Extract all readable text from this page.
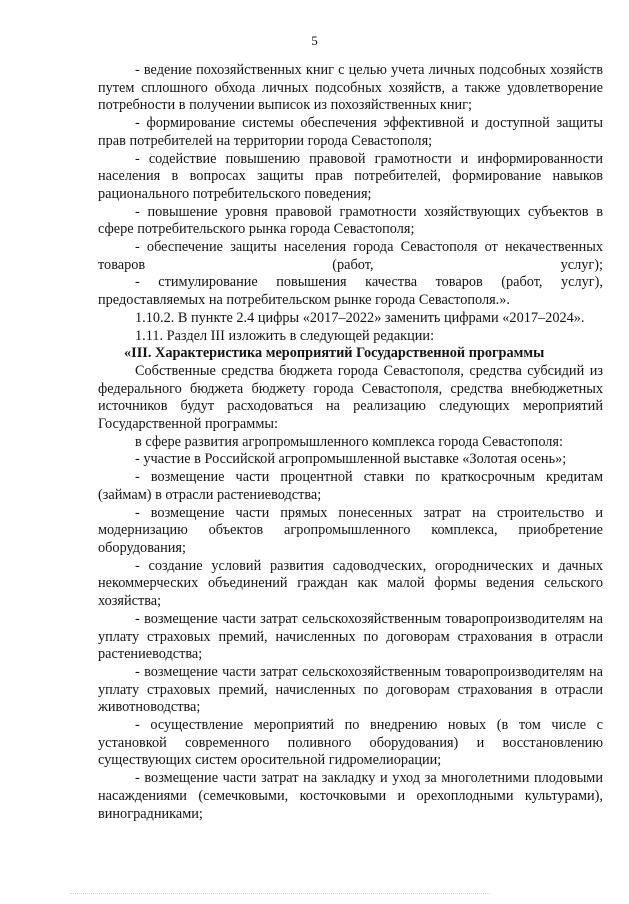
5

- ведение похозяйственных книг с целью учета личных подсобных хозяйств путем сплошного обхода личных подсобных хозяйств, а также удовлетворение потребности в получении выписок из похозяйственных книг;

- формирование системы обеспечения эффективной и доступной защиты прав потребителей на территории города Севастополя;

- содействие повышению правовой грамотности и информированности населения в вопросах защиты прав потребителей, формирование навыков рационального потребительского поведения;

- повышение уровня правовой грамотности хозяйствующих субъектов в сфере потребительского рынка города Севастополя;

- обеспечение защиты населения города Севастополя от некачественных товаров (работ, услуг);

- стимулирование повышения качества товаров (работ, услуг), предоставляемых на потребительском рынке города Севастополя.».

1.10.2. В пункте 2.4 цифры «2017–2022» заменить цифрами «2017–2024».

1.11. Раздел III изложить в следующей редакции:

«III. Характеристика мероприятий Государственной программы

Собственные средства бюджета города Севастополя, средства субсидий из федерального бюджета бюджету города Севастополя, средства внебюджетных источников будут расходоваться на реализацию следующих мероприятий Государственной программы:

в сфере развития агропромышленного комплекса города Севастополя:

- участие в Российской агропромышленной выставке «Золотая осень»;

- возмещение части процентной ставки по краткосрочным кредитам (займам) в отрасли растениеводства;

- возмещение части прямых понесенных затрат на строительство и модернизацию объектов агропромышленного комплекса, приобретение оборудования;

- создание условий развития садоводческих, огороднических и дачных некоммерческих объединений граждан как малой формы ведения сельского хозяйства;

- возмещение части затрат сельскохозяйственным товаропроизводителям на уплату страховых премий, начисленных по договорам страхования в отрасли растениеводства;

- возмещение части затрат сельскохозяйственным товаропроизводителям на уплату страховых премий, начисленных по договорам страхования в отрасли животноводства;

- осуществление мероприятий по внедрению новых (в том числе с установкой современного поливного оборудования) и восстановлению существующих систем оросительной гидромелиорации;

- возмещение части затрат на закладку и уход за многолетними плодовыми насаждениями (семечковыми, косточковыми и орехоплодными культурами), виноградниками;
